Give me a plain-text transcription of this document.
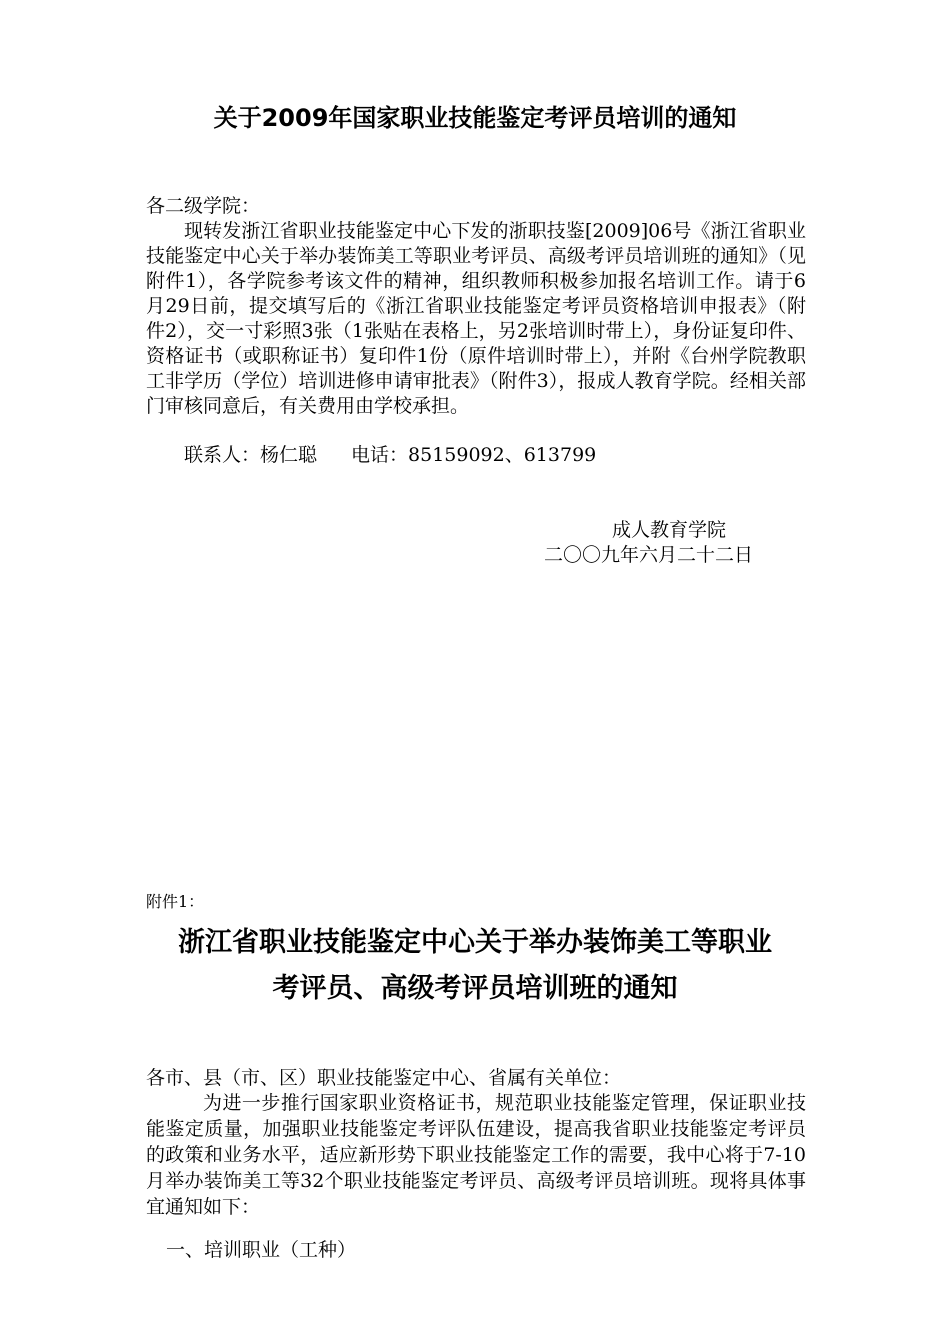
关于2009年国家职业技能鉴定考评员培训的通知
各二级学院：
现转发浙江省职业技能鉴定中心下发的浙职技鉴[2009]06号《浙江省职业技能鉴定中心关于举办装饰美工等职业考评员、高级考评员培训班的通知》（见附件1），各学院参考该文件的精神，组织教师积极参加报名培训工作。请于6月29日前，提交填写后的《浙江省职业技能鉴定考评员资格培训申报表》（附件2），交一寸彩照3张（1张贴在表格上，另2张培训时带上），身份证复印件、资格证书（或职称证书）复印件1份（原件培训时带上），并附《台州学院教职工非学历（学位）培训进修申请审批表》（附件3），报成人教育学院。经相关部门审核同意后，有关费用由学校承担。
联系人：杨仁聪 电话：85159092、613799
成人教育学院
二〇〇九年六月二十二日
附件1：
浙江省职业技能鉴定中心关于举办装饰美工等职业
考评员、高级考评员培训班的通知
各市、县（市、区）职业技能鉴定中心、省属有关单位：
为进一步推行国家职业资格证书，规范职业技能鉴定管理，保证职业技能鉴定质量，加强职业技能鉴定考评队伍建设，提高我省职业技能鉴定考评员的政策和业务水平，适应新形势下职业技能鉴定工作的需要，我中心将于7-10月举办装饰美工等32个职业技能鉴定考评员、高级考评员培训班。现将具体事宜通知如下：
一、培训职业（工种）
